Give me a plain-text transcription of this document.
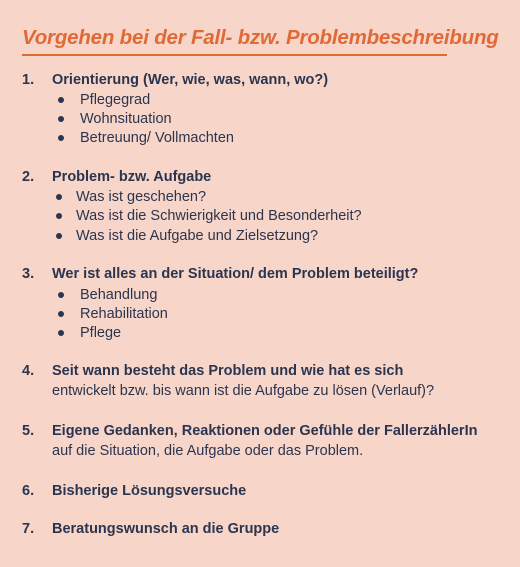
Vorgehen bei der Fall- bzw. Problembeschreibung
1. Orientierung (Wer, wie, was, wann, wo?)
Pflegegrad
Wohnsituation
Betreuung/ Vollmachten
2. Problem- bzw. Aufgabe
Was ist geschehen?
Was ist die Schwierigkeit und Besonderheit?
Was ist die Aufgabe und Zielsetzung?
3. Wer ist alles an der Situation/ dem Problem beteiligt?
Behandlung
Rehabilitation
Pflege
4. Seit wann besteht das Problem und wie hat es sich
entwickelt bzw. bis wann ist die Aufgabe zu lösen (Verlauf)?
5. Eigene Gedanken, Reaktionen oder Gefühle der FallerzählerIn
auf die Situation, die Aufgabe oder das Problem.
6. Bisherige Lösungsversuche
7. Beratungswunsch an die Gruppe
